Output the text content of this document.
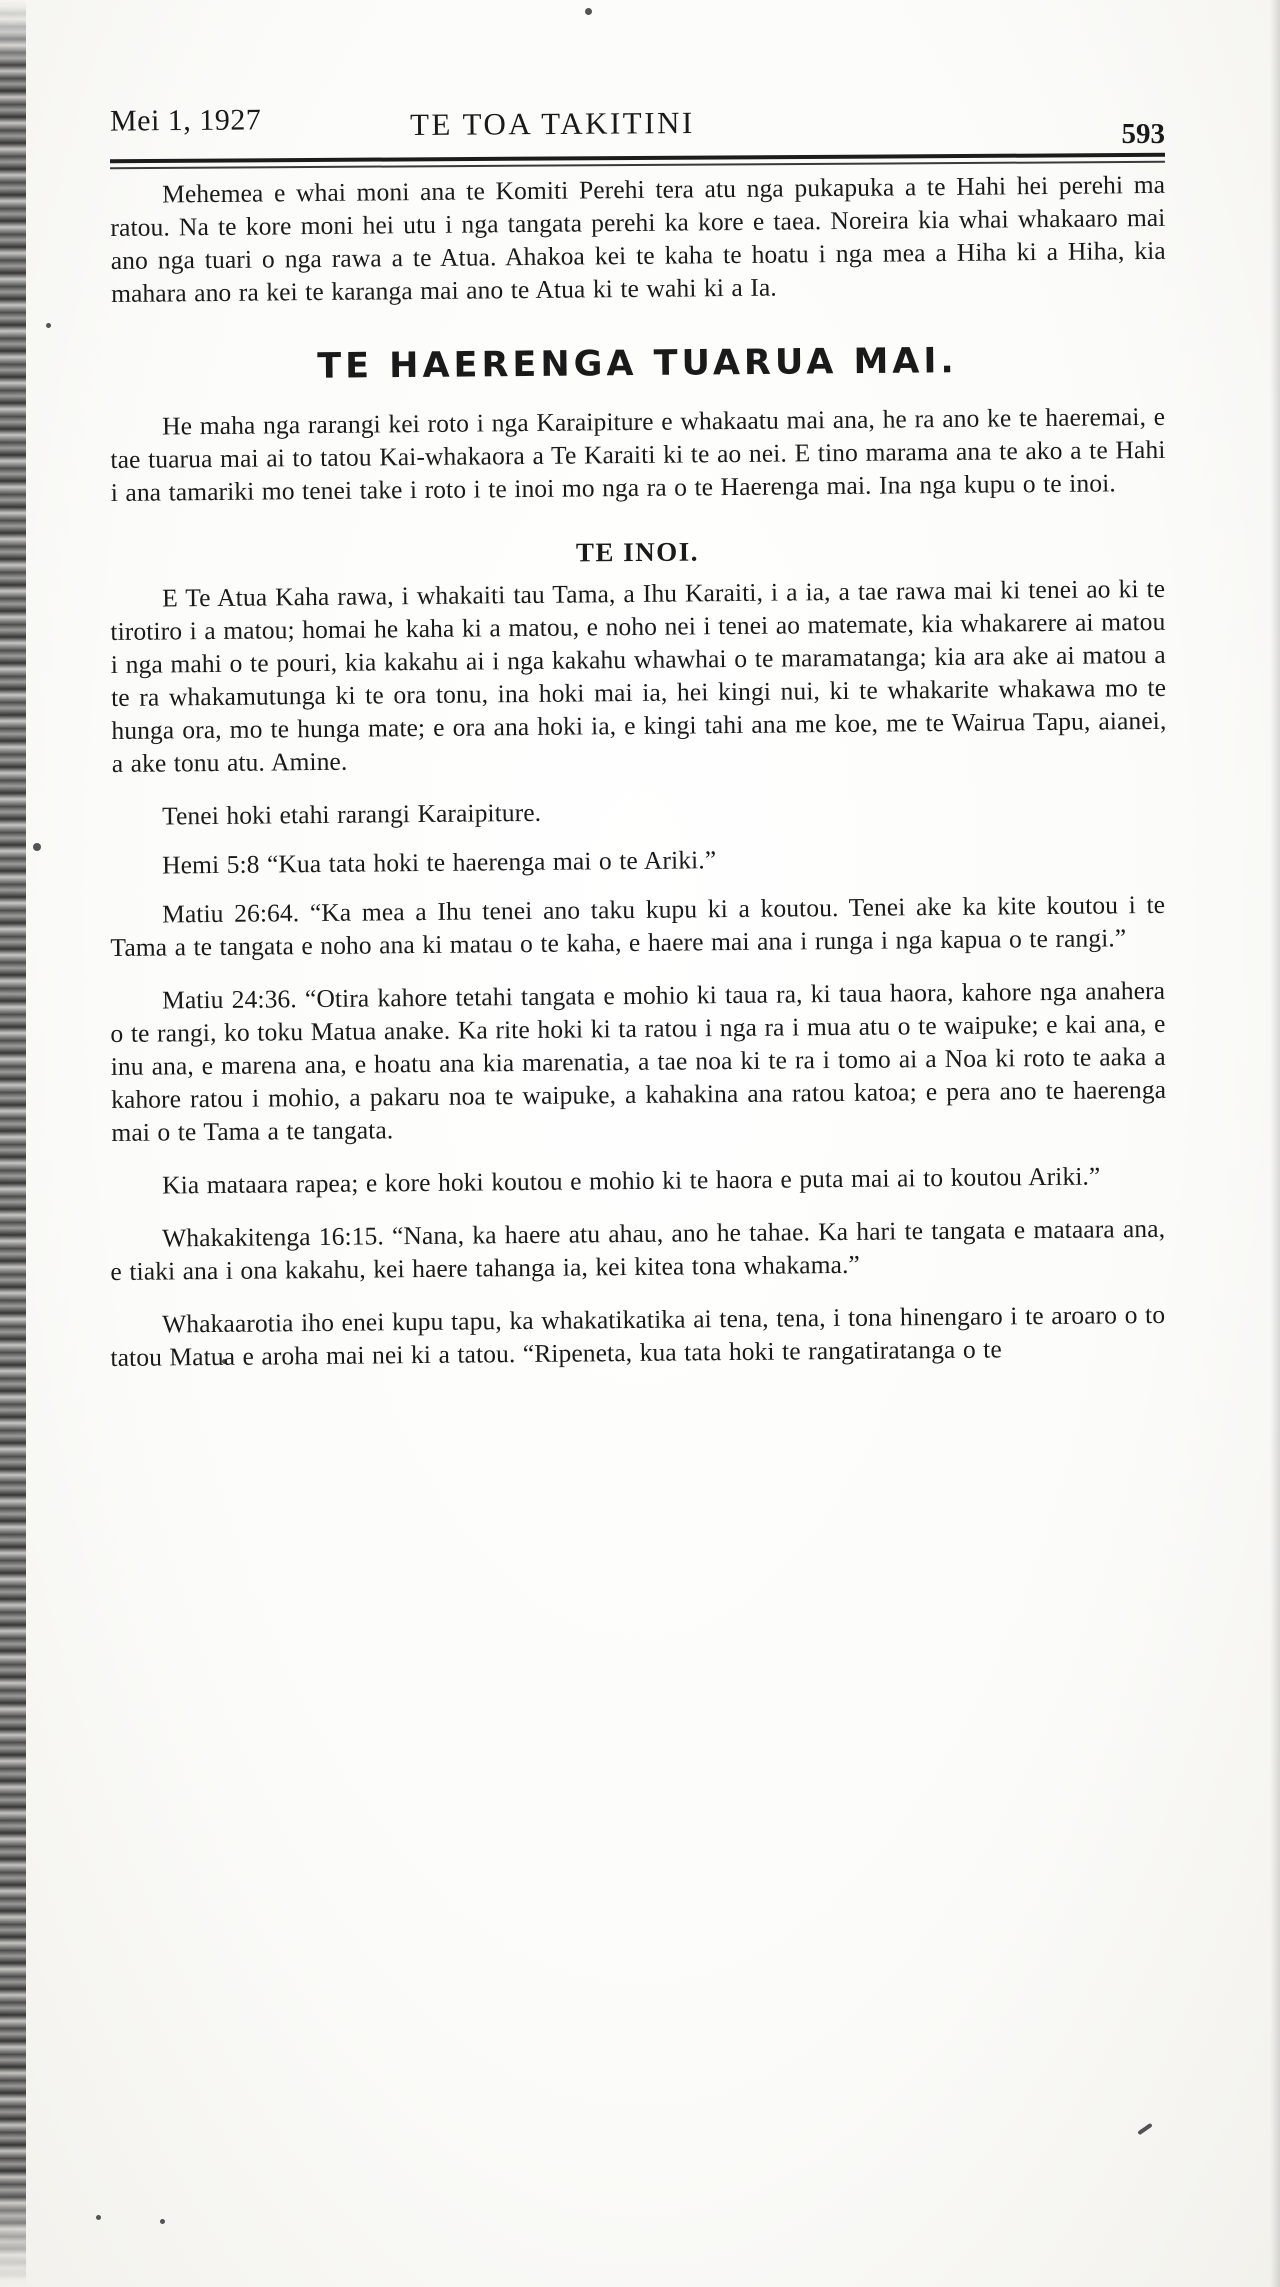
Mei 1, 1927	TE TOA TAKITINI	593

Mehemea e whai moni ana te Komiti Perehi tera atu nga pukapuka a te Hahi hei perehi ma ratou. Na te kore moni hei utu i nga tangata perehi ka kore e taea. Noreira kia whai whakaaro mai ano nga tuari o nga rawa a te Atua. Ahakoa kei te kaha te hoatu i nga mea a Hiha ki a Hiha, kia mahara ano ra kei te karanga mai ano te Atua ki te wahi ki a Ia.

TE HAERENGA TUARUA MAI.

He maha nga rarangi kei roto i nga Karaipiture e whakaatu mai ana, he ra ano ke te haeremai, e tae tuarua mai ai to tatou Kai-whakaora a Te Karaiti ki te ao nei. E tino marama ana te ako a te Hahi i ana tamariki mo tenei take i roto i te inoi mo nga ra o te Haerenga mai. Ina nga kupu o te inoi.

TE INOI.

E Te Atua Kaha rawa, i whakaiti tau Tama, a Ihu Karaiti, i a ia, a tae rawa mai ki tenei ao ki te tirotiro i a matou; homai he kaha ki a matou, e noho nei i tenei ao matemate, kia whakarere ai matou i nga mahi o te pouri, kia kakahu ai i nga kakahu whawhai o te maramatanga; kia ara ake ai matou a te ra whakamutunga ki te ora tonu, ina hoki mai ia, hei kingi nui, ki te whakarite whakawa mo te hunga ora, mo te hunga mate; e ora ana hoki ia, e kingi tahi ana me koe, me te Wairua Tapu, aianei, a ake tonu atu. Amine.

Tenei hoki etahi rarangi Karaipiture.

Hemi 5:8 “Kua tata hoki te haerenga mai o te Ariki.”

Matiu 26:64. “Ka mea a Ihu tenei ano taku kupu ki a koutou. Tenei ake ka kite koutou i te Tama a te tangata e noho ana ki matau o te kaha, e haere mai ana i runga i nga kapua o te rangi.”

Matiu 24:36. “Otira kahore tetahi tangata e mohio ki taua ra, ki taua haora, kahore nga anahera o te rangi, ko toku Matua anake. Ka rite hoki ki ta ratou i nga ra i mua atu o te waipuke; e kai ana, e inu ana, e marena ana, e hoatu ana kia marenatia, a tae noa ki te ra i tomo ai a Noa ki roto te aaka a kahore ratou i mohio, a pakaru noa te waipuke, a kahakina ana ratou katoa; e pera ano te haerenga mai o te Tama a te tangata.

Kia mataara rapea; e kore hoki koutou e mohio ki te haora e puta mai ai to koutou Ariki.”

Whakakitenga 16:15. “Nana, ka haere atu ahau, ano he tahae. Ka hari te tangata e mataara ana, e tiaki ana i ona kakahu, kei haere tahanga ia, kei kitea tona whakama.”

Whakaarotia iho enei kupu tapu, ka whakatikatika ai tena, tena, i tona hinengaro i te aroaro o to tatou Matua e aroha mai nei ki a tatou. “Ripeneta, kua tata hoki te rangatiratanga o te
